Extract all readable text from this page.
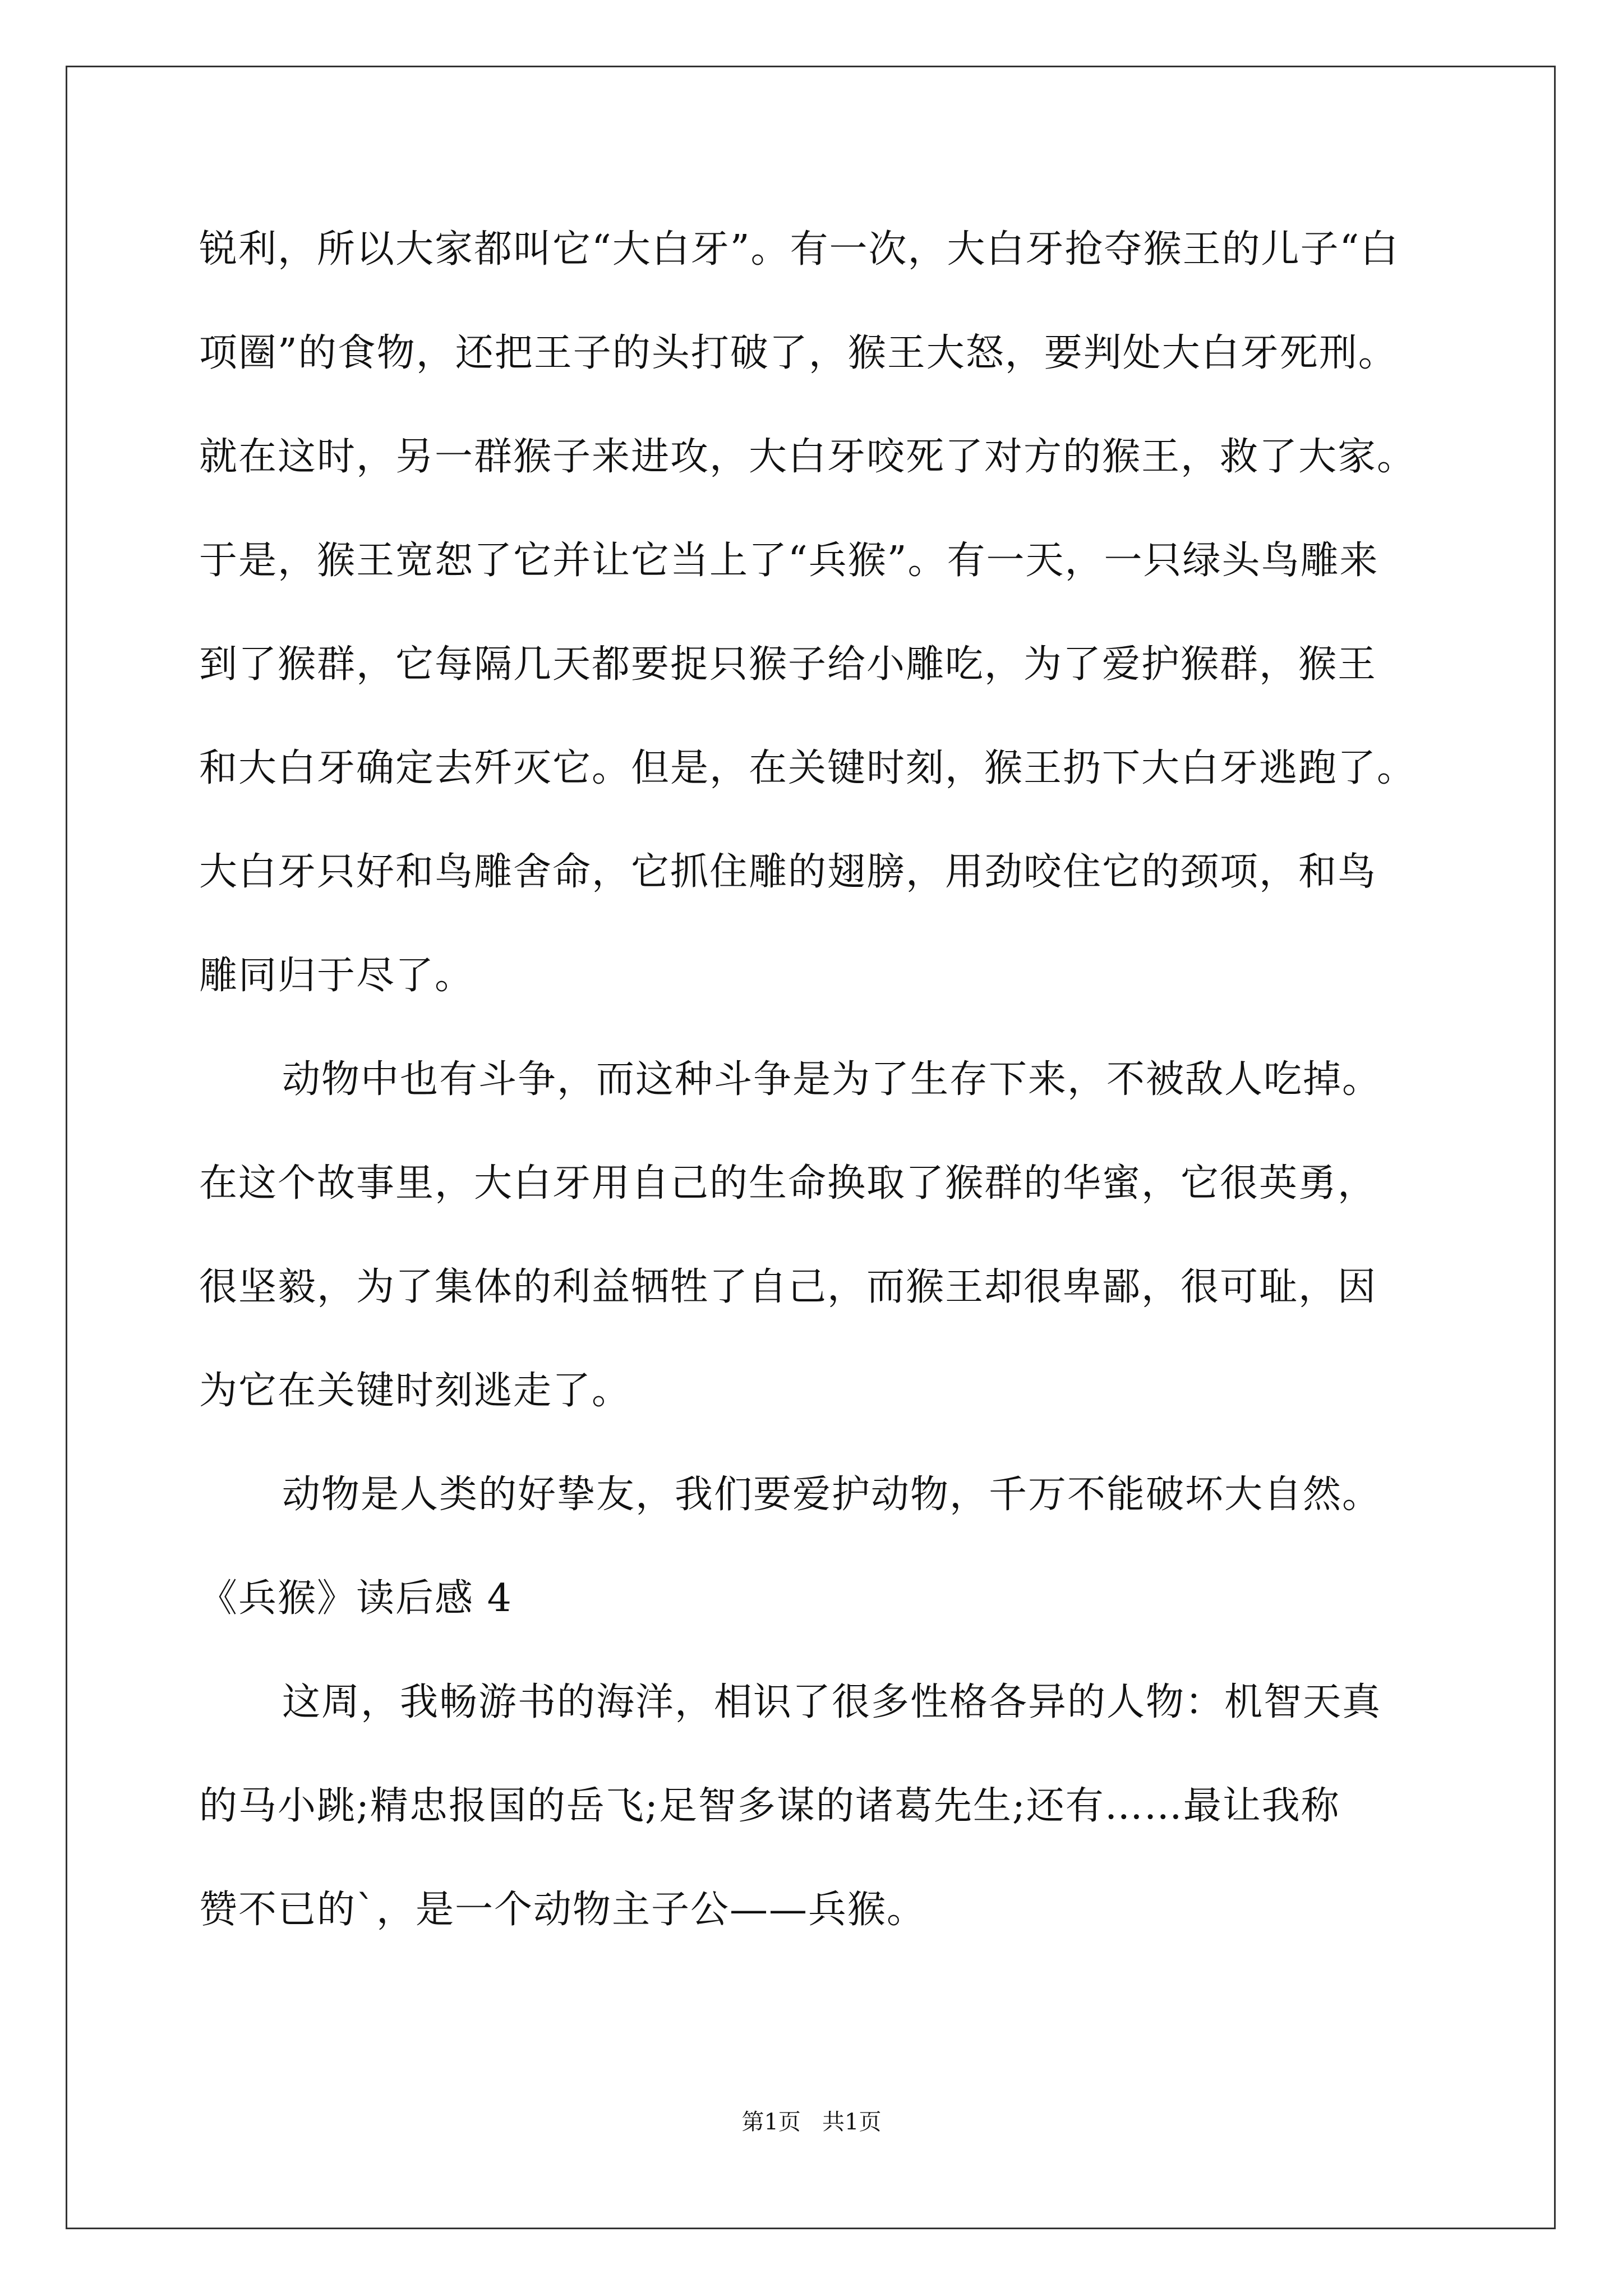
锐利，所以大家都叫它“大白牙”。有一次，大白牙抢夺猴王的儿子“白
项圈”的食物，还把王子的头打破了，猴王大怒，要判处大白牙死刑。
就在这时，另一群猴子来进攻，大白牙咬死了对方的猴王，救了大家。
于是，猴王宽恕了它并让它当上了“兵猴”。有一天，一只绿头鸟雕来
到了猴群，它每隔几天都要捉只猴子给小雕吃，为了爱护猴群，猴王
和大白牙确定去歼灭它。但是，在关键时刻，猴王扔下大白牙逃跑了。
大白牙只好和鸟雕舍命，它抓住雕的翅膀，用劲咬住它的颈项，和鸟
雕同归于尽了。
动物中也有斗争，而这种斗争是为了生存下来，不被敌人吃掉。
在这个故事里，大白牙用自己的生命换取了猴群的华蜜，它很英勇，
很坚毅，为了集体的利益牺牲了自己，而猴王却很卑鄙，很可耻，因
为它在关键时刻逃走了。
动物是人类的好挚友，我们要爱护动物，千万不能破坏大自然。
《兵猴》读后感 4
这周，我畅游书的海洋，相识了很多性格各异的人物：机智天真
的马小跳;精忠报国的岳飞;足智多谋的诸葛先生;还有……最让我称
赞不已的`，是一个动物主子公——兵猴。
第1页   共1页
